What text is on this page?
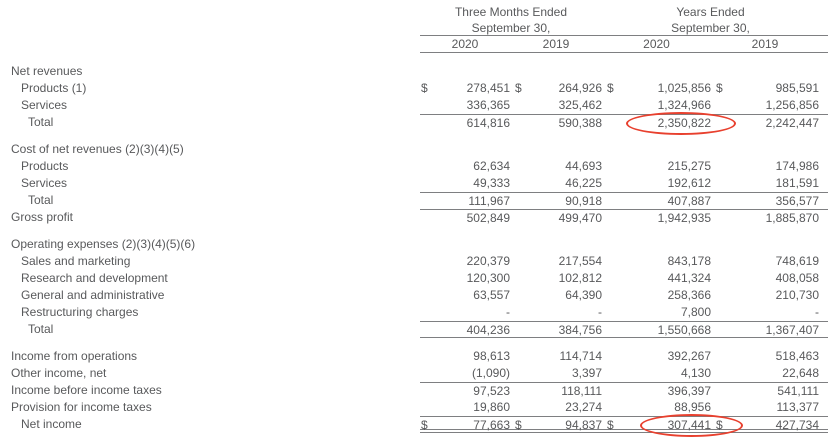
Three Months Ended	Years Ended
September 30,	September 30,
2020	2019	2020	2019
Net revenues
Products (1)	$	278,451 $	264,926 $	1,025,856 $	985,591
Services	336,365	325,462	1,324,966	1,256,856
Total	614,816	590,388	2,350,822	2,242,447
Cost of net revenues (2)(3)(4)(5)
Products	62,634	44,693	215,275	174,986
Services	49,333	46,225	192,612	181,591
Total	111,967	90,918	407,887	356,577
Gross profit	502,849	499,470	1,942,935	1,885,870
Operating expenses (2)(3)(4)(5)(6)
Sales and marketing	220,379	217,554	843,178	748,619
Research and development	120,300	102,812	441,324	408,058
General and administrative	63,557	64,390	258,366	210,730
Restructuring charges	-	-	7,800	-
Total	404,236	384,756	1,550,668	1,367,407
Income from operations	98,613	114,714	392,267	518,463
Other income, net	(1,090)	3,397	4,130	22,648
Income before income taxes	97,523	118,111	396,397	541,111
Provision for income taxes	19,860	23,274	88,956	113,377
Net income	$	77,663 $	94,837 $	307,441 $	427,734
